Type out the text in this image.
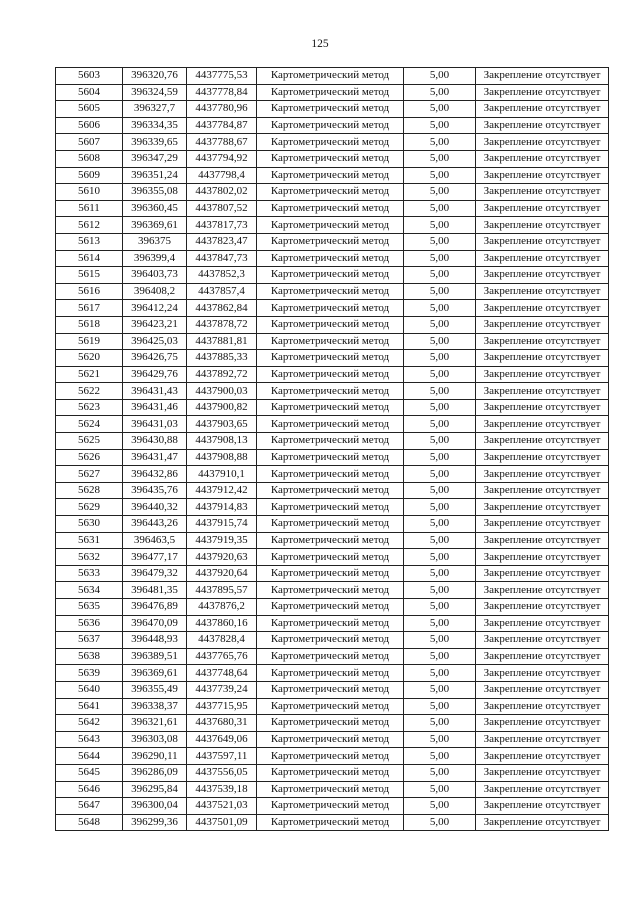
125
5603	396320,76	4437775,53	Картометрический метод	5,00	Закрепление отсутствует
5604	396324,59	4437778,84	Картометрический метод	5,00	Закрепление отсутствует
5605	396327,7	4437780,96	Картометрический метод	5,00	Закрепление отсутствует
5606	396334,35	4437784,87	Картометрический метод	5,00	Закрепление отсутствует
5607	396339,65	4437788,67	Картометрический метод	5,00	Закрепление отсутствует
5608	396347,29	4437794,92	Картометрический метод	5,00	Закрепление отсутствует
5609	396351,24	4437798,4	Картометрический метод	5,00	Закрепление отсутствует
5610	396355,08	4437802,02	Картометрический метод	5,00	Закрепление отсутствует
5611	396360,45	4437807,52	Картометрический метод	5,00	Закрепление отсутствует
5612	396369,61	4437817,73	Картометрический метод	5,00	Закрепление отсутствует
5613	396375	4437823,47	Картометрический метод	5,00	Закрепление отсутствует
5614	396399,4	4437847,73	Картометрический метод	5,00	Закрепление отсутствует
5615	396403,73	4437852,3	Картометрический метод	5,00	Закрепление отсутствует
5616	396408,2	4437857,4	Картометрический метод	5,00	Закрепление отсутствует
5617	396412,24	4437862,84	Картометрический метод	5,00	Закрепление отсутствует
5618	396423,21	4437878,72	Картометрический метод	5,00	Закрепление отсутствует
5619	396425,03	4437881,81	Картометрический метод	5,00	Закрепление отсутствует
5620	396426,75	4437885,33	Картометрический метод	5,00	Закрепление отсутствует
5621	396429,76	4437892,72	Картометрический метод	5,00	Закрепление отсутствует
5622	396431,43	4437900,03	Картометрический метод	5,00	Закрепление отсутствует
5623	396431,46	4437900,82	Картометрический метод	5,00	Закрепление отсутствует
5624	396431,03	4437903,65	Картометрический метод	5,00	Закрепление отсутствует
5625	396430,88	4437908,13	Картометрический метод	5,00	Закрепление отсутствует
5626	396431,47	4437908,88	Картометрический метод	5,00	Закрепление отсутствует
5627	396432,86	4437910,1	Картометрический метод	5,00	Закрепление отсутствует
5628	396435,76	4437912,42	Картометрический метод	5,00	Закрепление отсутствует
5629	396440,32	4437914,83	Картометрический метод	5,00	Закрепление отсутствует
5630	396443,26	4437915,74	Картометрический метод	5,00	Закрепление отсутствует
5631	396463,5	4437919,35	Картометрический метод	5,00	Закрепление отсутствует
5632	396477,17	4437920,63	Картометрический метод	5,00	Закрепление отсутствует
5633	396479,32	4437920,64	Картометрический метод	5,00	Закрепление отсутствует
5634	396481,35	4437895,57	Картометрический метод	5,00	Закрепление отсутствует
5635	396476,89	4437876,2	Картометрический метод	5,00	Закрепление отсутствует
5636	396470,09	4437860,16	Картометрический метод	5,00	Закрепление отсутствует
5637	396448,93	4437828,4	Картометрический метод	5,00	Закрепление отсутствует
5638	396389,51	4437765,76	Картометрический метод	5,00	Закрепление отсутствует
5639	396369,61	4437748,64	Картометрический метод	5,00	Закрепление отсутствует
5640	396355,49	4437739,24	Картометрический метод	5,00	Закрепление отсутствует
5641	396338,37	4437715,95	Картометрический метод	5,00	Закрепление отсутствует
5642	396321,61	4437680,31	Картометрический метод	5,00	Закрепление отсутствует
5643	396303,08	4437649,06	Картометрический метод	5,00	Закрепление отсутствует
5644	396290,11	4437597,11	Картометрический метод	5,00	Закрепление отсутствует
5645	396286,09	4437556,05	Картометрический метод	5,00	Закрепление отсутствует
5646	396295,84	4437539,18	Картометрический метод	5,00	Закрепление отсутствует
5647	396300,04	4437521,03	Картометрический метод	5,00	Закрепление отсутствует
5648	396299,36	4437501,09	Картометрический метод	5,00	Закрепление отсутствует
